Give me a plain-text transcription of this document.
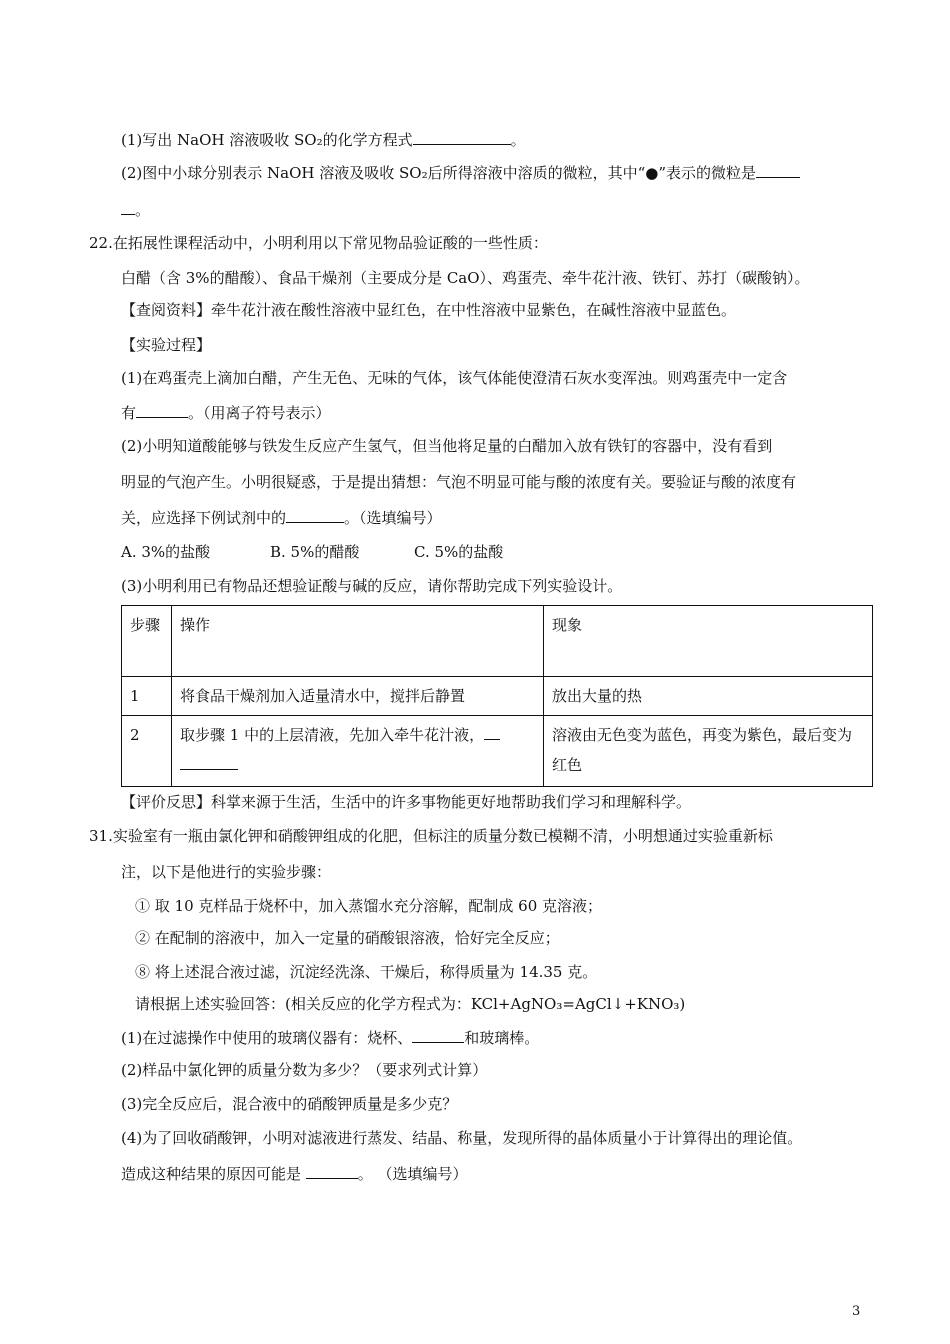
(1)写出 NaOH 溶液吸收 SO₂的化学方程式	。
(2)图中小球分别表示 NaOH 溶液及吸收 SO₂后所得溶液中溶质的微粒，其中“●”表示的微粒是
。
22.在拓展性课程活动中，小明利用以下常见物品验证酸的一些性质：
白醋（含 3%的醋酸）、食品干燥剂（主要成分是 CaO）、鸡蛋壳、牵牛花汁液、铁钉、苏打（碳酸钠）。
【查阅资料】牵牛花汁液在酸性溶液中显红色，在中性溶液中显紫色，在碱性溶液中显蓝色。
【实验过程】
(1)在鸡蛋壳上滴加白醋，产生无色、无味的气体，该气体能使澄清石灰水变浑浊。则鸡蛋壳中一定含
有	。（用离子符号表示）
(2)小明知道酸能够与铁发生反应产生氢气，但当他将足量的白醋加入放有铁钉的容器中，没有看到
明显的气泡产生。小明很疑惑，于是提出猜想：气泡不明显可能与酸的浓度有关。要验证与酸的浓度有
关，应选择下例试剂中的	。（选填编号）
A. 3%的盐酸	B. 5%的醋酸	C. 5%的盐酸
(3)小明利用已有物品还想验证酸与碱的反应，请你帮助完成下列实验设计。
步骤	操作	现象
1	将食品干燥剂加入适量清水中，搅拌后静置	放出大量的热
2	取步骤 1 中的上层清液，先加入牵牛花汁液，	溶液由无色变为蓝色，再变为紫色，最后变为红色
【评价反思】科掌来源于生活，生活中的许多事物能更好地帮助我们学习和理解科学。
31.实验室有一瓶由氯化钾和硝酸钾组成的化肥，但标注的质量分数已模糊不清，小明想通过实验重新标
注，以下是他进行的实验步骤：
① 取 10 克样品于烧杯中，加入蒸馏水充分溶解，配制成 60 克溶液；
② 在配制的溶液中，加入一定量的硝酸银溶液，恰好完全反应；
⑧ 将上述混合液过滤，沉淀经洗涤、干燥后，称得质量为 14.35 克。
请根据上述实验回答：(相关反应的化学方程式为：KCl+AgNO₃=AgCl↓+KNO₃)
(1)在过滤操作中使用的玻璃仪器有：烧杯、	和玻璃棒。
(2)样品中氯化钾的质量分数为多少？（要求列式计算）
(3)完全反应后，混合液中的硝酸钾质量是多少克？
(4)为了回收硝酸钾，小明对滤液进行蒸发、结晶、称量，发现所得的晶体质量小于计算得出的理论值。
造成这种结果的原因可能是	。 （选填编号）
3
